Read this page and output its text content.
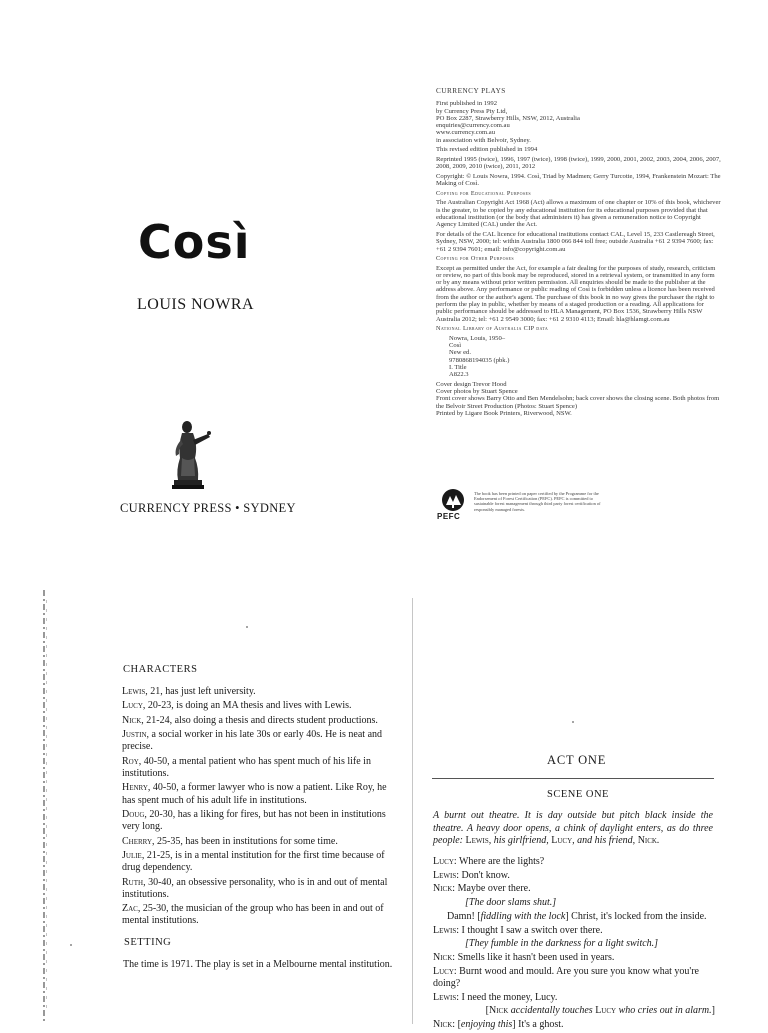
Così
LOUIS NOWRA
CURRENCY PRESS • SYDNEY

CURRENCY PLAYS

First published in 1992
by Currency Press Pty Ltd,
PO Box 2287, Strawberry Hills, NSW, 2012, Australia
enquiries@currency.com.au
www.currency.com.au
in association with Belvoir, Sydney.

This revised edition published in 1994

Reprinted 1995 (twice), 1996, 1997 (twice), 1998 (twice), 1999, 2000, 2001, 2002, 2003, 2004, 2006, 2007, 2008, 2009, 2010 (twice), 2011, 2012

Copyright: © Louis Nowra, 1994. Così, Triad by Madmen; Gerry Turcotte, 1994, Frankenstein Mozart: The Making of Così.

Copying for Educational Purposes

The Australian Copyright Act 1968 (Act) allows a maximum of one chapter or 10% of this book, whichever is the greater, to be copied by any educational institution for its educational purposes provided that that educational institution (or the body that administers it) has given a remuneration notice to Copyright Agency Limited (CAL) under the Act.

For details of the CAL licence for educational institutions contact CAL, Level 15, 233 Castlereagh Street, Sydney, NSW, 2000; tel: within Australia 1800 066 844 toll free; outside Australia +61 2 9394 7600; fax: +61 2 9394 7601; email: info@copyright.com.au

Copying for Other Purposes

Except as permitted under the Act, for example a fair dealing for the purposes of study, research, criticism or review, no part of this book may be reproduced, stored in a retrieval system, or transmitted in any form or by any means without prior written permission. All enquiries should be made to the publisher at the address above. Any performance or public reading of Così is forbidden unless a licence has been received from the author or the author's agent. The purchase of this book in no way gives the purchaser the right to perform the play in public, whether by means of a staged production or a reading. All applications for public performance should be addressed to HLA Management, PO Box 1536, Strawberry Hills NSW Australia 2012; tel: +61 2 9549 3000; fax: +61 2 9310 4113; Email: hla@hlamgt.com.au

National Library of Australia CIP data

Nowra, Louis, 1950–
Così
New ed.
9780868194035 (pbk.)
I. Title
A822.3

Cover design Trevor Hood
Cover photos by Stuart Spence
Front cover shows Barry Otto and Ben Mendelsohn; back cover shows the closing scene. Both photos from the Belvoir Street Production (Photos: Stuart Spence)
Printed by Ligare Book Printers, Riverwood, NSW.

PEFC
The book has been printed on paper certified by the Programme for the Endorsement of Forest Certification (PEFC). PEFC is committed to sustainable forest management through third party forest certification of responsibly managed forests.
CHARACTERS
Lewis, 21, has just left university.
Lucy, 20-23, is doing an MA thesis and lives with Lewis.
Nick, 21-24, also doing a thesis and directs student productions.
Justin, a social worker in his late 30s or early 40s. He is neat and precise.
Roy, 40-50, a mental patient who has spent much of his life in institutions.
Henry, 40-50, a former lawyer who is now a patient. Like Roy, he has spent much of his adult life in institutions.
Doug, 20-30, has a liking for fires, but has not been in institutions very long.
Cherry, 25-35, has been in institutions for some time.
Julie, 21-25, is in a mental institution for the first time because of drug dependency.
Ruth, 30-40, an obsessive personality, who is in and out of mental institutions.
Zac, 25-30, the musician of the group who has been in and out of mental institutions.
SETTING
The time is 1971. The play is set in a Melbourne mental institution.
ACT ONE
SCENE ONE
A burnt out theatre. It is day outside but pitch black inside the theatre. A heavy door opens, a chink of daylight enters, as do three people: Lewis, his girlfriend, Lucy, and his friend, Nick.
Lucy: Where are the lights?
Lewis: Don't know.
Nick: Maybe over there.
[The door slams shut.]
Damn! [fiddling with the lock] Christ, it's locked from the inside.
Lewis: I thought I saw a switch over there.
[They fumble in the darkness for a light switch.]
Nick: Smells like it hasn't been used in years.
Lucy: Burnt wood and mould. Are you sure you know what you're doing?
Lewis: I need the money, Lucy.
[Nick accidentally touches Lucy who cries out in alarm.]
Nick: [enjoying this] It's a ghost.
